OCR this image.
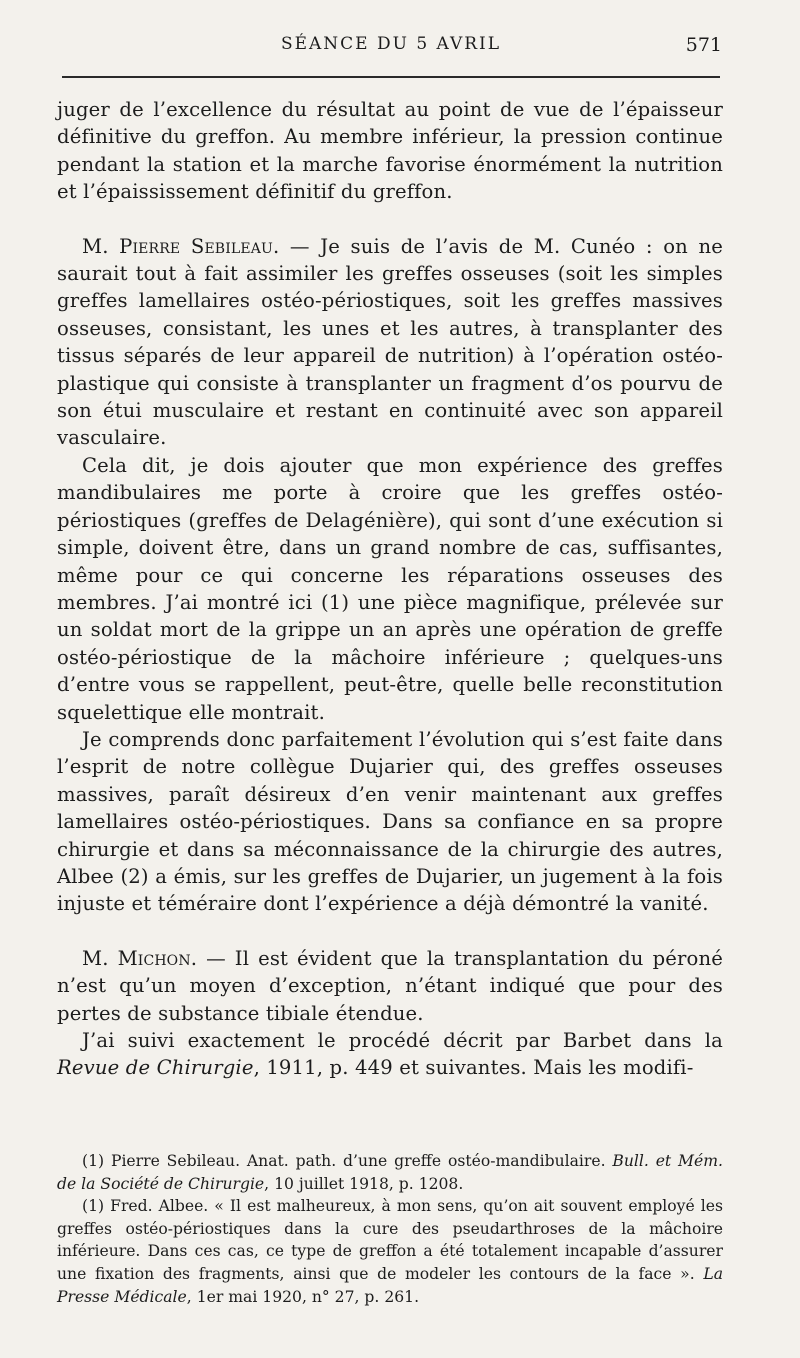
SÉANCE DU 5 AVRIL	571

juger de l’excellence du résultat au point de vue de l’épaisseur définitive du greffon. Au membre inférieur, la pression continue pendant la station et la marche favorise énormément la nutrition et l’épaississement définitif du greffon.

M. Pierre Sebileau. — Je suis de l’avis de M. Cunéo : on ne saurait tout à fait assimiler les greffes osseuses (soit les simples greffes lamellaires ostéo-périostiques, soit les greffes massives osseuses, consistant, les unes et les autres, à transplanter des tissus séparés de leur appareil de nutrition) à l’opération ostéo-plastique qui consiste à transplanter un fragment d’os pourvu de son étui musculaire et restant en continuité avec son appareil vasculaire.

Cela dit, je dois ajouter que mon expérience des greffes mandibulaires me porte à croire que les greffes ostéo-périostiques (greffes de Delagénière), qui sont d’une exécution si simple, doivent être, dans un grand nombre de cas, suffisantes, même pour ce qui concerne les réparations osseuses des membres. J’ai montré ici (1) une pièce magnifique, prélevée sur un soldat mort de la grippe un an après une opération de greffe ostéo-périostique de la mâchoire inférieure ; quelques-uns d’entre vous se rappellent, peut-être, quelle belle reconstitution squelettique elle montrait.

Je comprends donc parfaitement l’évolution qui s’est faite dans l’esprit de notre collègue Dujarier qui, des greffes osseuses massives, paraît désireux d’en venir maintenant aux greffes lamellaires ostéo-périostiques. Dans sa confiance en sa propre chirurgie et dans sa méconnaissance de la chirurgie des autres, Albee (2) a émis, sur les greffes de Dujarier, un jugement à la fois injuste et téméraire dont l’expérience a déjà démontré la vanité.

M. Michon. — Il est évident que la transplantation du péroné n’est qu’un moyen d’exception, n’étant indiqué que pour des pertes de substance tibiale étendue.

J’ai suivi exactement le procédé décrit par Barbet dans la Revue de Chirurgie, 1911, p. 449 et suivantes. Mais les modifi-

(1) Pierre Sebileau. Anat. path. d’une greffe ostéo-mandibulaire. Bull. et Mém. de la Société de Chirurgie, 10 juillet 1918, p. 1208.

(1) Fred. Albee. « Il est malheureux, à mon sens, qu’on ait souvent employé les greffes ostéo-périostiques dans la cure des pseudarthroses de la mâchoire inférieure. Dans ces cas, ce type de greffon a été totalement incapable d’assurer une fixation des fragments, ainsi que de modeler les contours de la face ». La Presse Médicale, 1er mai 1920, n° 27, p. 261.
